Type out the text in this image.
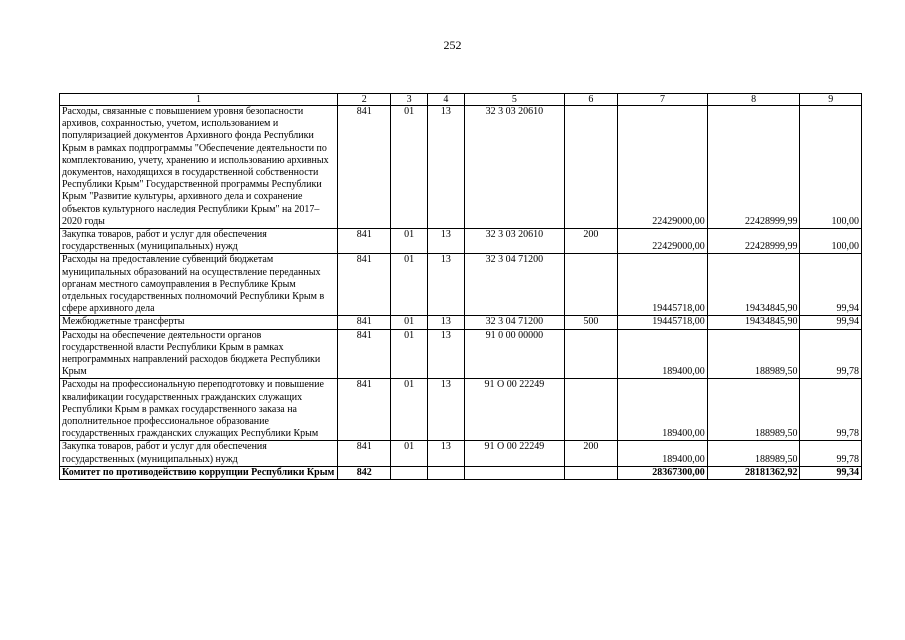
252
1	2	3	4	5	6	7	8	9
Расходы, связанные с повышением уровня безопасности архивов, сохранностью, учетом, использованием и популяризацией документов Архивного фонда Республики Крым в рамках подпрограммы "Обеспечение деятельности по комплектованию, учету, хранению и использованию архивных документов, находящихся в государственной собственности Республики Крым" Государственной программы Республики Крым "Развитие культуры, архивного дела и сохранение объектов культурного наследия Республики Крым" на 2017–2020 годы	841	01	13	32 3 03 20610		22429000,00	22428999,99	100,00
Закупка товаров, работ и услуг для обеспечения государственных (муниципальных) нужд	841	01	13	32 3 03 20610	200	22429000,00	22428999,99	100,00
Расходы на предоставление субвенций бюджетам муниципальных образований на осуществление переданных органам местного самоуправления в Республике Крым отдельных государственных полномочий Республики Крым в сфере архивного дела	841	01	13	32 3 04 71200		19445718,00	19434845,90	99,94
Межбюджетные трансферты	841	01	13	32 3 04 71200	500	19445718,00	19434845,90	99,94
Расходы на обеспечение деятельности органов государственной власти Республики Крым в рамках непрограммных направлений расходов бюджета Республики Крым	841	01	13	91 0 00 00000		189400,00	188989,50	99,78
Расходы на профессиональную переподготовку и повышение квалификации государственных гражданских служащих Республики Крым в рамках государственного заказа на дополнительное профессиональное образование государственных гражданских служащих Республики Крым	841	01	13	91 О 00 22249		189400,00	188989,50	99,78
Закупка товаров, работ и услуг для обеспечения государственных (муниципальных) нужд	841	01	13	91 О 00 22249	200	189400,00	188989,50	99,78
Комитет по противодействию коррупции Республики Крым	842					28367300,00	28181362,92	99,34
